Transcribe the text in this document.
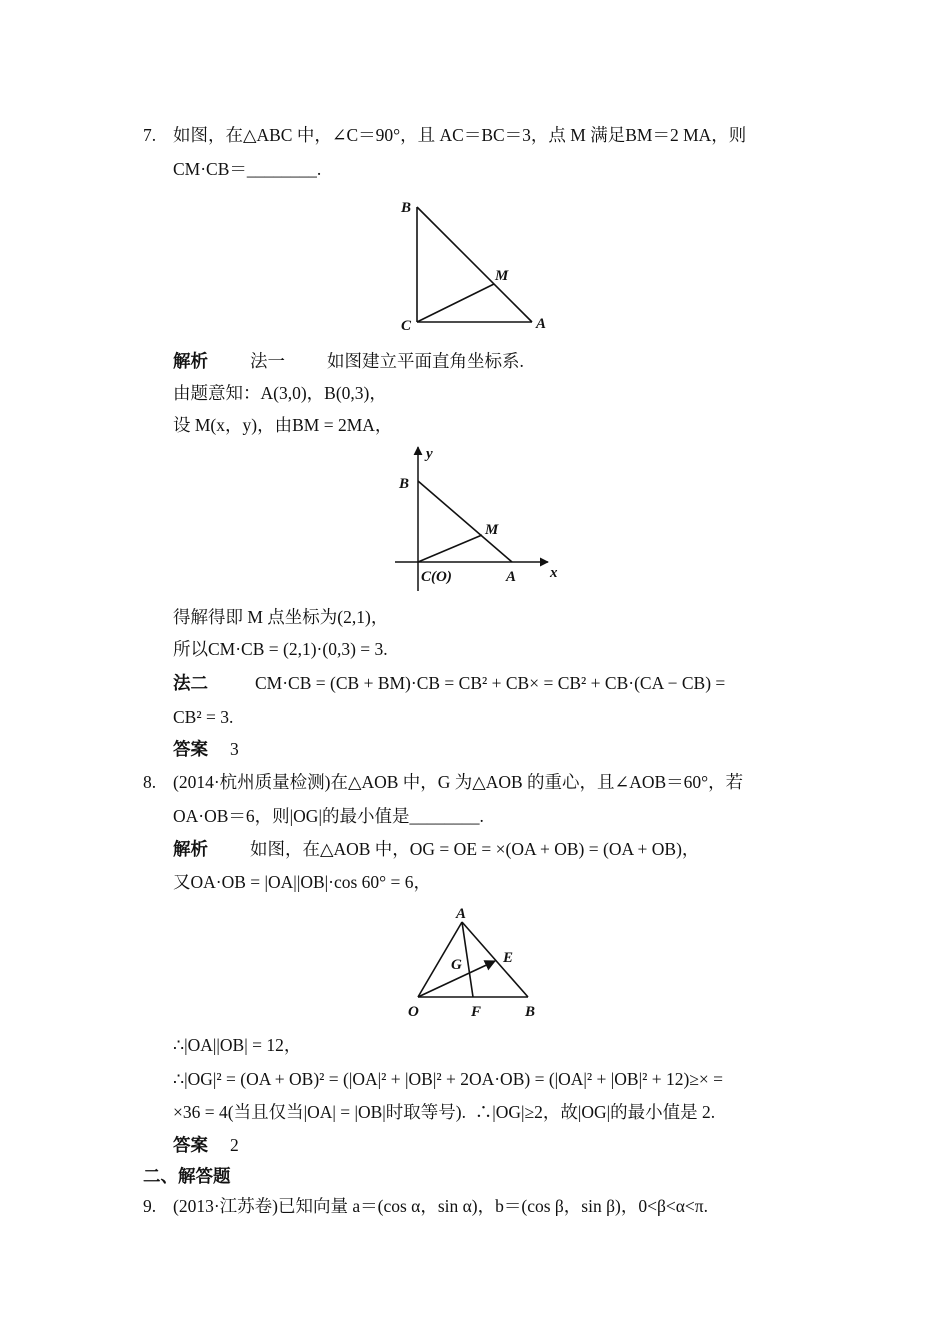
7. 如图，在△ABC 中，∠C＝90°，且 AC＝BC＝3，点 M 满足BM＝2 MA，则
CM·CB＝________.
B
M
C	A
解析 法一 如图建立平面直角坐标系.
由题意知：A(3,0)，B(0,3)，
设 M(x，y)，由BM = 2MA，
y
B
M
C(O)	A x
得解得即 M 点坐标为(2,1)，
所以CM·CB = (2,1)·(0,3) = 3.
法二	CM·CB = (CB + BM)·CB = CB² + CB× = CB² + CB·(CA − CB) =
CB² = 3.
答案 3
8. (2014·杭州质量检测)在△AOB 中，G 为△AOB 的重心，且∠AOB＝60°，若
OA·OB＝6，则|OG|的最小值是________.
解析 如图，在△AOB 中，OG = OE = ×(OA + OB) = (OA + OB)，
又OA·OB = |OA||OB|·cos 60° = 6，
A
G	E
O	F	B
∴|OA||OB| = 12，
∴|OG|² = (OA + OB)² = (|OA|² + |OB|² + 2OA·OB) = (|OA|² + |OB|² + 12)≥× =
×36 = 4(当且仅当|OA| = |OB|时取等号).  ∴|OG|≥2，故|OG|的最小值是 2.
答案 2
二、解答题
9. (2013·江苏卷)已知向量 a＝(cos α，sin α)，b＝(cos β，sin β)，0<β<α<π.
